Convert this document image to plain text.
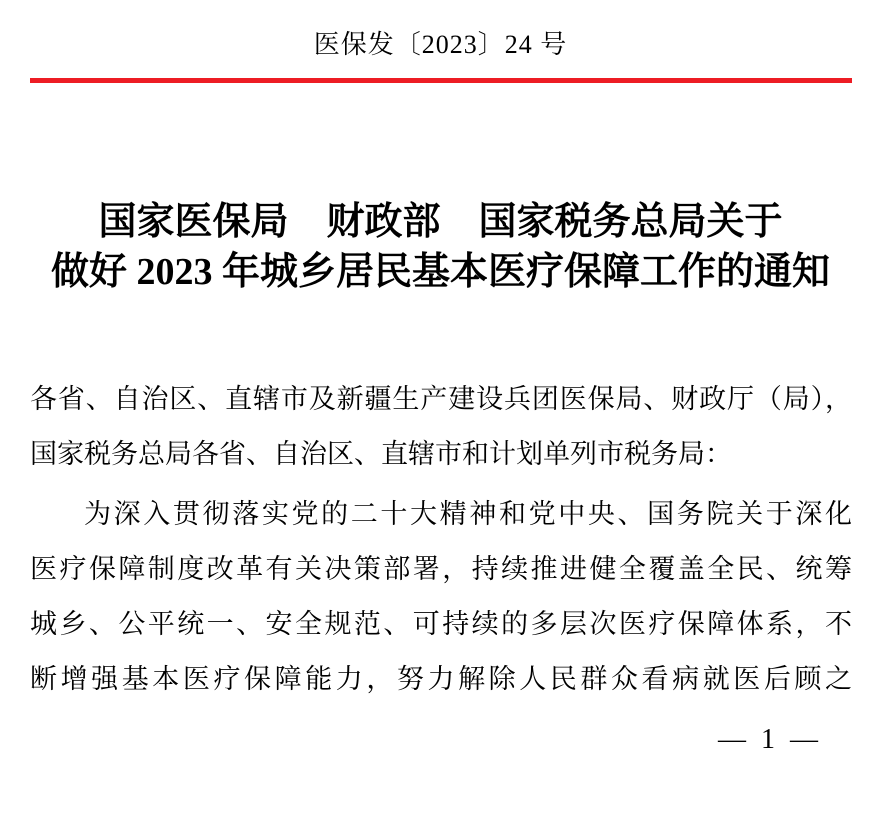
医保发〔2023〕24 号
国家医保局　财政部　国家税务总局关于
做好 2023 年城乡居民基本医疗保障工作的通知

各省、自治区、直辖市及新疆生产建设兵团医保局、财政厅（局），

国家税务总局各省、自治区、直辖市和计划单列市税务局：

为深入贯彻落实党的二十大精神和党中央、国务院关于深化

医疗保障制度改革有关决策部署，持续推进健全覆盖全民、统筹

城乡、公平统一、安全规范、可持续的多层次医疗保障体系，不

断增强基本医疗保障能力，努力解除人民群众看病就医后顾之

— 1 —
